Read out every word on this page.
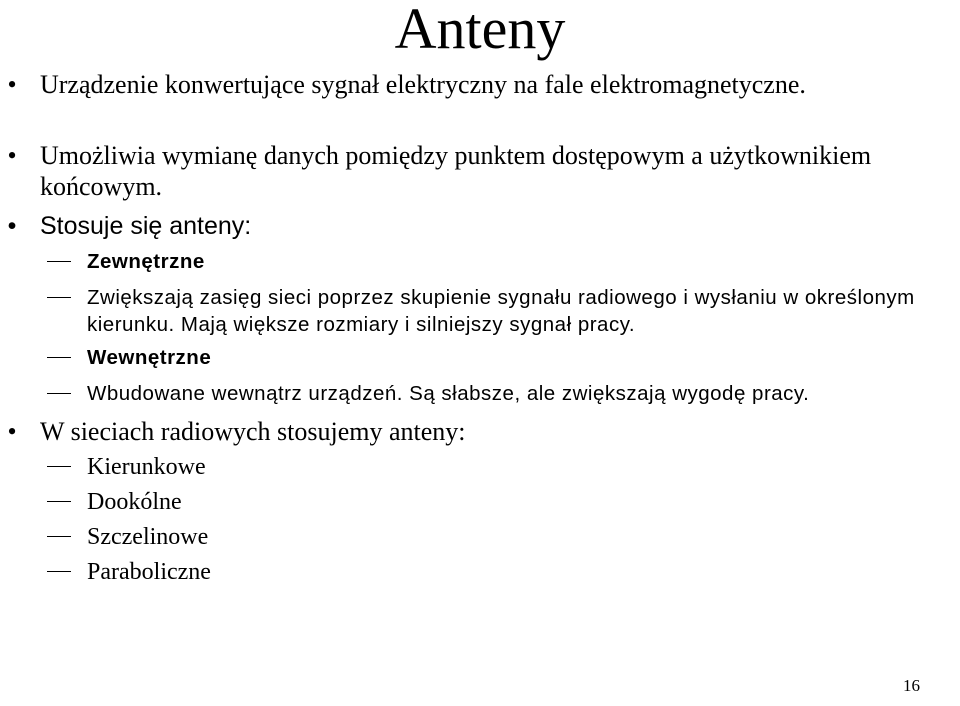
Anteny
• Urządzenie konwertujące sygnał elektryczny na fale elektromagnetyczne.
• Umożliwia wymianę danych pomiędzy punktem dostępowym a użytkownikiem końcowym.
• Stosuje się anteny:
Zewnętrzne
Zwiększają zasięg sieci poprzez skupienie sygnału radiowego i wysłaniu w określonym kierunku. Mają większe rozmiary i silniejszy sygnał pracy.
Wewnętrzne
Wbudowane wewnątrz urządzeń. Są słabsze, ale zwiększają wygodę pracy.
• W sieciach radiowych stosujemy anteny:
Kierunkowe
Dookólne
Szczelinowe
Paraboliczne
16
